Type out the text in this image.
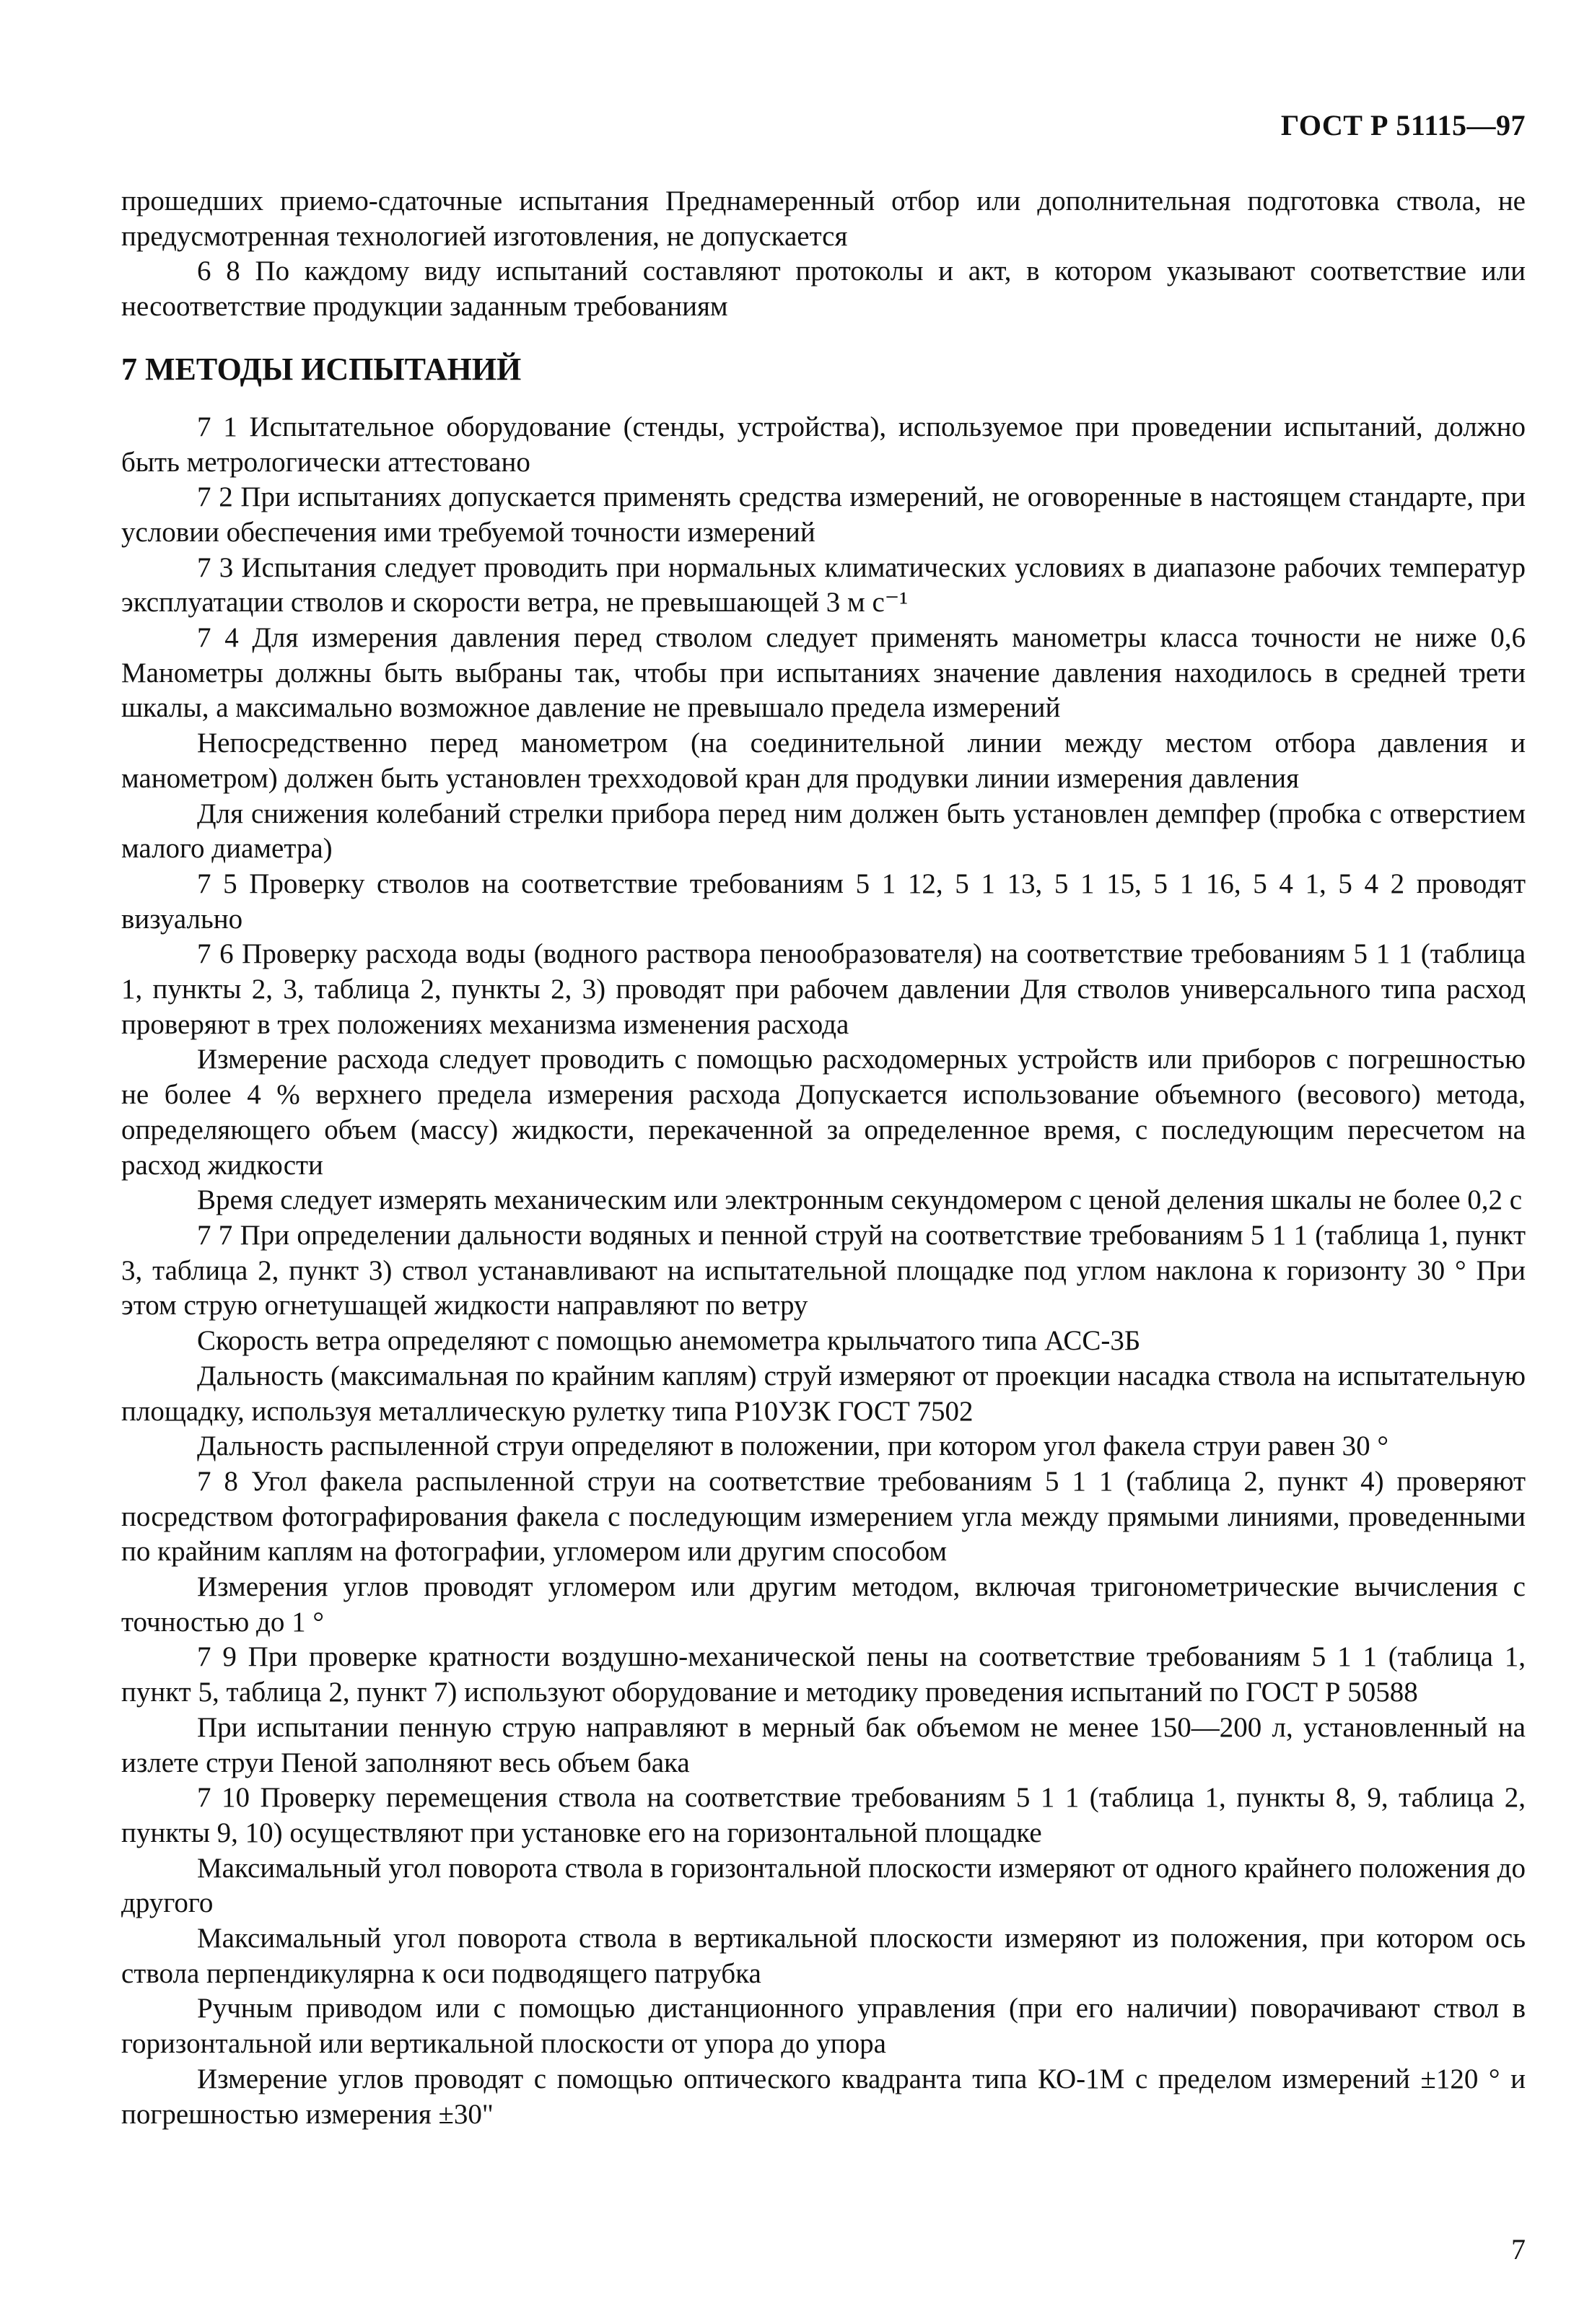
ГОСТ Р 51115—97

прошедших приемо-сдаточные испытания Преднамеренный отбор или дополнительная подготовка ствола, не предусмотренная технологией изготовления, не допускается

6 8 По каждому виду испытаний составляют протоколы и акт, в котором указывают соответствие или несоответствие продукции заданным требованиям

7 МЕТОДЫ ИСПЫТАНИЙ

7 1 Испытательное оборудование (стенды, устройства), используемое при проведении испытаний, должно быть метрологически аттестовано

7 2 При испытаниях допускается применять средства измерений, не оговоренные в настоящем стандарте, при условии обеспечения ими требуемой точности измерений

7 3 Испытания следует проводить при нормальных климатических условиях в диапазоне рабочих температур эксплуатации стволов и скорости ветра, не превышающей 3 м с⁻¹

7 4 Для измерения давления перед стволом следует применять манометры класса точности не ниже 0,6 Манометры должны быть выбраны так, чтобы при испытаниях значение давления находилось в средней трети шкалы, а максимально возможное давление не превышало предела измерений

Непосредственно перед манометром (на соединительной линии между местом отбора давления и манометром) должен быть установлен трехходовой кран для продувки линии измерения давления

Для снижения колебаний стрелки прибора перед ним должен быть установлен демпфер (пробка с отверстием малого диаметра)

7 5 Проверку стволов на соответствие требованиям 5 1 12, 5 1 13, 5 1 15, 5 1 16, 5 4 1, 5 4 2 проводят визуально

7 6 Проверку расхода воды (водного раствора пенообразователя) на соответствие требованиям 5 1 1 (таблица 1, пункты 2, 3, таблица 2, пункты 2, 3) проводят при рабочем давлении Для стволов универсального типа расход проверяют в трех положениях механизма изменения расхода

Измерение расхода следует проводить с помощью расходомерных устройств или приборов с погрешностью не более 4 % верхнего предела измерения расхода Допускается использование объемного (весового) метода, определяющего объем (массу) жидкости, перекаченной за определенное время, с последующим пересчетом на расход жидкости

Время следует измерять механическим или электронным секундомером с ценой деления шкалы не более 0,2 с

7 7 При определении дальности водяных и пенной струй на соответствие требованиям 5 1 1 (таблица 1, пункт 3, таблица 2, пункт 3) ствол устанавливают на испытательной площадке под углом наклона к горизонту 30 ° При этом струю огнетушащей жидкости направляют по ветру

Скорость ветра определяют с помощью анемометра крыльчатого типа АСС-3Б

Дальность (максимальная по крайним каплям) струй измеряют от проекции насадка ствола на испытательную площадку, используя металлическую рулетку типа Р10УЗК ГОСТ 7502

Дальность распыленной струи определяют в положении, при котором угол факела струи равен 30 °

7 8 Угол факела распыленной струи на соответствие требованиям 5 1 1 (таблица 2, пункт 4) проверяют посредством фотографирования факела с последующим измерением угла между прямыми линиями, проведенными по крайним каплям на фотографии, угломером или другим способом

Измерения углов проводят угломером или другим методом, включая тригонометрические вычисления с точностью до 1 °

7 9 При проверке кратности воздушно-механической пены на соответствие требованиям 5 1 1 (таблица 1, пункт 5, таблица 2, пункт 7) используют оборудование и методику проведения испытаний по ГОСТ Р 50588

При испытании пенную струю направляют в мерный бак объемом не менее 150—200 л, установленный на излете струи Пеной заполняют весь объем бака

7 10 Проверку перемещения ствола на соответствие требованиям 5 1 1 (таблица 1, пункты 8, 9, таблица 2, пункты 9, 10) осуществляют при установке его на горизонтальной площадке

Максимальный угол поворота ствола в горизонтальной плоскости измеряют от одного крайнего положения до другого

Максимальный угол поворота ствола в вертикальной плоскости измеряют из положения, при котором ось ствола перпендикулярна к оси подводящего патрубка

Ручным приводом или с помощью дистанционного управления (при его наличии) поворачивают ствол в горизонтальной или вертикальной плоскости от упора до упора

Измерение углов проводят с помощью оптического квадранта типа КО-1М с пределом измерений ±120 ° и погрешностью измерения ±30"

7
